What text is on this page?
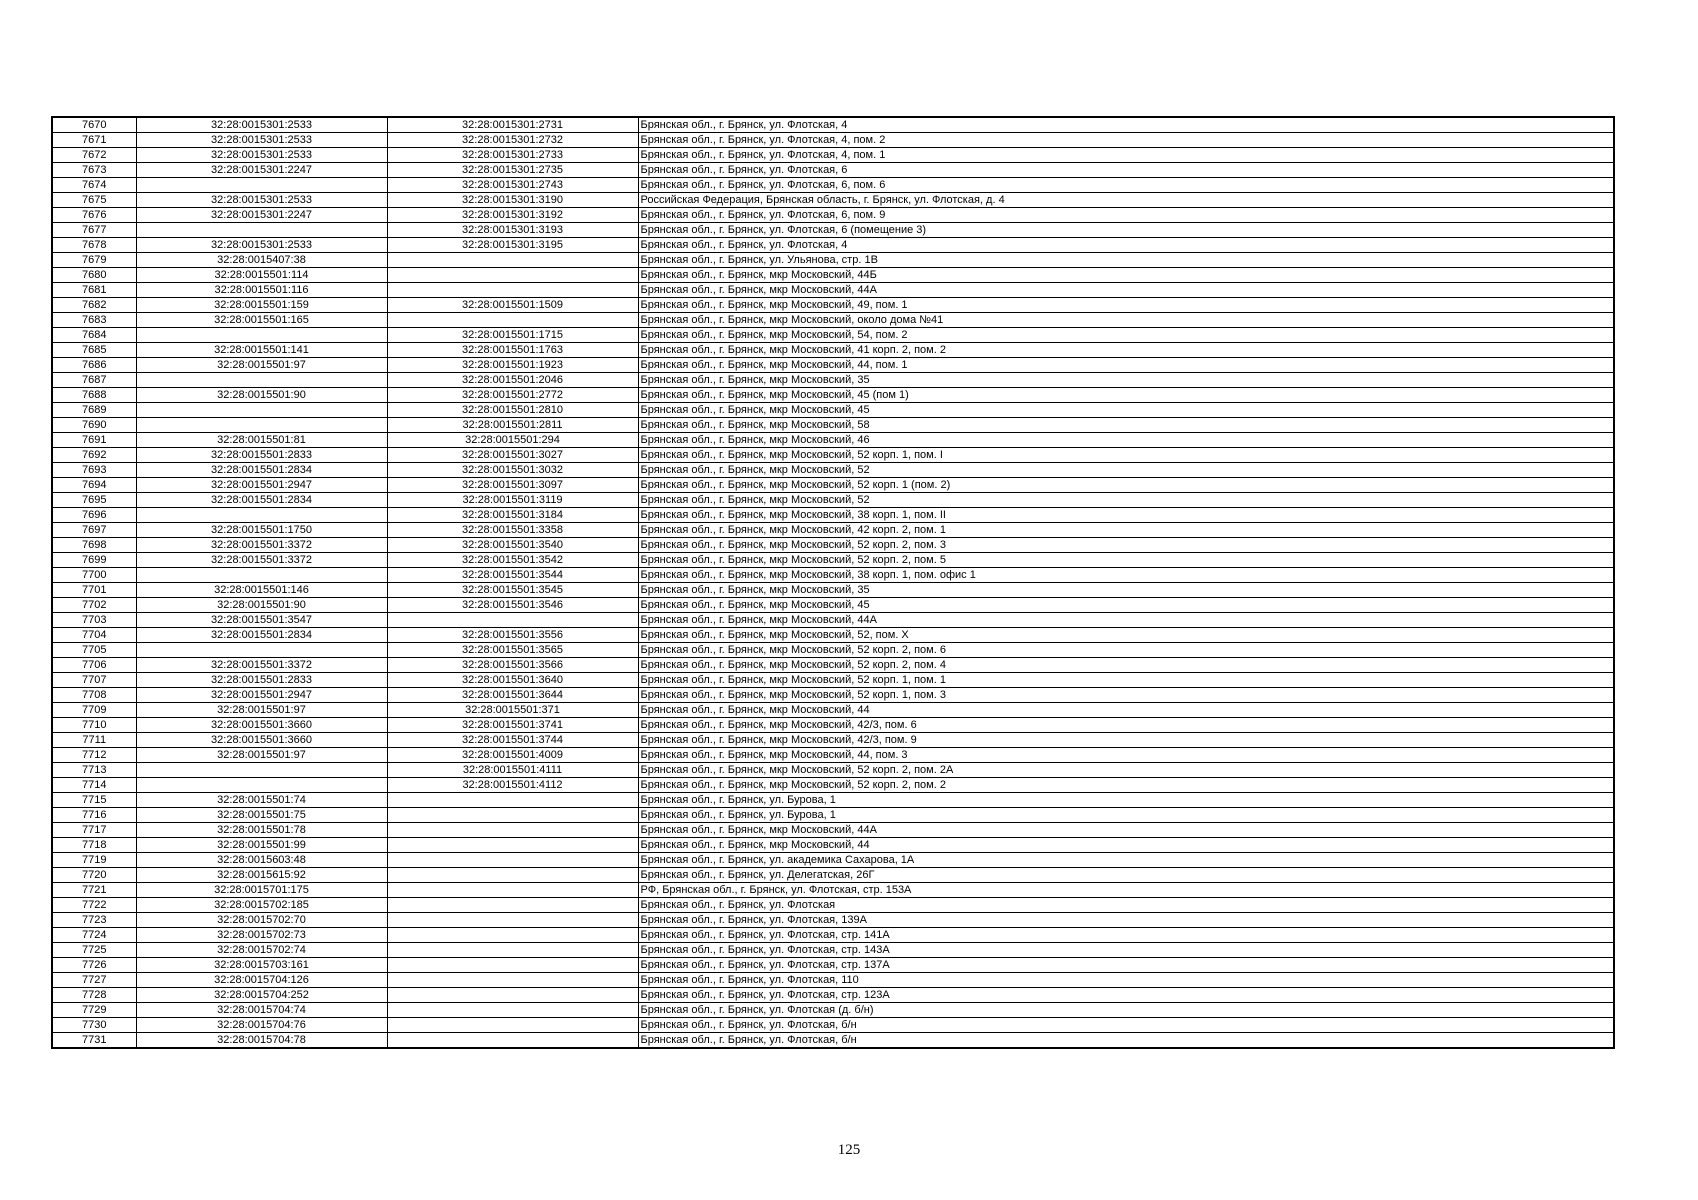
7670	32:28:0015301:2533	32:28:0015301:2731	Брянская обл., г. Брянск, ул. Флотская, 4
7671	32:28:0015301:2533	32:28:0015301:2732	Брянская обл., г. Брянск, ул. Флотская, 4, пом. 2
7672	32:28:0015301:2533	32:28:0015301:2733	Брянская обл., г. Брянск, ул. Флотская, 4, пом. 1
7673	32:28:0015301:2247	32:28:0015301:2735	Брянская обл., г. Брянск, ул. Флотская, 6
7674		32:28:0015301:2743	Брянская обл., г. Брянск, ул. Флотская, 6, пом. 6
7675	32:28:0015301:2533	32:28:0015301:3190	Российская Федерация, Брянская область, г. Брянск, ул. Флотская, д. 4
7676	32:28:0015301:2247	32:28:0015301:3192	Брянская обл., г. Брянск, ул. Флотская, 6, пом. 9
7677		32:28:0015301:3193	Брянская обл., г. Брянск, ул. Флотская, 6 (помещение 3)
7678	32:28:0015301:2533	32:28:0015301:3195	Брянская обл., г. Брянск, ул. Флотская, 4
7679	32:28:0015407:38		Брянская обл., г. Брянск, ул. Ульянова, стр. 1В
7680	32:28:0015501:114		Брянская обл., г. Брянск, мкр Московский, 44Б
7681	32:28:0015501:116		Брянская обл., г. Брянск, мкр Московский, 44А
7682	32:28:0015501:159	32:28:0015501:1509	Брянская обл., г. Брянск, мкр Московский, 49, пом. 1
7683	32:28:0015501:165		Брянская обл., г. Брянск, мкр Московский, около дома №41
7684		32:28:0015501:1715	Брянская обл., г. Брянск, мкр Московский, 54, пом. 2
7685	32:28:0015501:141	32:28:0015501:1763	Брянская обл., г. Брянск, мкр Московский, 41 корп. 2, пом. 2
7686	32:28:0015501:97	32:28:0015501:1923	Брянская обл., г. Брянск, мкр Московский, 44, пом. 1
7687		32:28:0015501:2046	Брянская обл., г. Брянск, мкр Московский, 35
7688	32:28:0015501:90	32:28:0015501:2772	Брянская обл., г. Брянск, мкр Московский, 45 (пом 1)
7689		32:28:0015501:2810	Брянская обл., г. Брянск, мкр Московский, 45
7690		32:28:0015501:2811	Брянская обл., г. Брянск, мкр Московский, 58
7691	32:28:0015501:81	32:28:0015501:294	Брянская обл., г. Брянск, мкр Московский, 46
7692	32:28:0015501:2833	32:28:0015501:3027	Брянская обл., г. Брянск, мкр Московский, 52 корп. 1, пом. I
7693	32:28:0015501:2834	32:28:0015501:3032	Брянская обл., г. Брянск, мкр Московский, 52
7694	32:28:0015501:2947	32:28:0015501:3097	Брянская обл., г. Брянск, мкр Московский, 52 корп. 1 (пом. 2)
7695	32:28:0015501:2834	32:28:0015501:3119	Брянская обл., г. Брянск, мкр Московский, 52
7696		32:28:0015501:3184	Брянская обл., г. Брянск, мкр Московский, 38 корп. 1, пом. II
7697	32:28:0015501:1750	32:28:0015501:3358	Брянская обл., г. Брянск, мкр Московский, 42 корп. 2, пом. 1
7698	32:28:0015501:3372	32:28:0015501:3540	Брянская обл., г. Брянск, мкр Московский, 52 корп. 2, пом. 3
7699	32:28:0015501:3372	32:28:0015501:3542	Брянская обл., г. Брянск, мкр Московский, 52 корп. 2, пом. 5
7700		32:28:0015501:3544	Брянская обл., г. Брянск, мкр Московский, 38 корп. 1, пом. офис 1
7701	32:28:0015501:146	32:28:0015501:3545	Брянская обл., г. Брянск, мкр Московский, 35
7702	32:28:0015501:90	32:28:0015501:3546	Брянская обл., г. Брянск, мкр Московский, 45
7703	32:28:0015501:3547		Брянская обл., г. Брянск, мкр Московский, 44А
7704	32:28:0015501:2834	32:28:0015501:3556	Брянская обл., г. Брянск, мкр Московский, 52, пом. X
7705		32:28:0015501:3565	Брянская обл., г. Брянск, мкр Московский, 52 корп. 2, пом. 6
7706	32:28:0015501:3372	32:28:0015501:3566	Брянская обл., г. Брянск, мкр Московский, 52 корп. 2, пом. 4
7707	32:28:0015501:2833	32:28:0015501:3640	Брянская обл., г. Брянск, мкр Московский, 52 корп. 1, пом. 1
7708	32:28:0015501:2947	32:28:0015501:3644	Брянская обл., г. Брянск, мкр Московский, 52 корп. 1, пом. 3
7709	32:28:0015501:97	32:28:0015501:371	Брянская обл., г. Брянск, мкр Московский, 44
7710	32:28:0015501:3660	32:28:0015501:3741	Брянская обл., г. Брянск, мкр Московский, 42/3, пом. 6
7711	32:28:0015501:3660	32:28:0015501:3744	Брянская обл., г. Брянск, мкр Московский, 42/3, пом. 9
7712	32:28:0015501:97	32:28:0015501:4009	Брянская обл., г. Брянск, мкр Московский, 44, пом. 3
7713		32:28:0015501:4111	Брянская обл., г. Брянск, мкр Московский, 52 корп. 2, пом. 2А
7714		32:28:0015501:4112	Брянская обл., г. Брянск, мкр Московский, 52 корп. 2, пом. 2
7715	32:28:0015501:74		Брянская обл., г. Брянск, ул. Бурова, 1
7716	32:28:0015501:75		Брянская обл., г. Брянск, ул. Бурова, 1
7717	32:28:0015501:78		Брянская обл., г. Брянск, мкр Московский, 44А
7718	32:28:0015501:99		Брянская обл., г. Брянск, мкр Московский, 44
7719	32:28:0015603:48		Брянская обл., г. Брянск, ул. академика Сахарова, 1А
7720	32:28:0015615:92		Брянская обл., г. Брянск, ул. Делегатская, 26Г
7721	32:28:0015701:175		РФ, Брянская обл., г. Брянск, ул. Флотская, стр. 153А
7722	32:28:0015702:185		Брянская обл., г. Брянск, ул. Флотская
7723	32:28:0015702:70		Брянская обл., г. Брянск, ул. Флотская, 139А
7724	32:28:0015702:73		Брянская обл., г. Брянск, ул. Флотская, стр. 141А
7725	32:28:0015702:74		Брянская обл., г. Брянск, ул. Флотская, стр. 143А
7726	32:28:0015703:161		Брянская обл., г. Брянск, ул. Флотская, стр. 137А
7727	32:28:0015704:126		Брянская обл., г. Брянск, ул. Флотская, 110
7728	32:28:0015704:252		Брянская обл., г. Брянск, ул. Флотская, стр. 123А
7729	32:28:0015704:74		Брянская обл., г. Брянск, ул. Флотская (д. б/н)
7730	32:28:0015704:76		Брянская обл., г. Брянск, ул. Флотская, б/н
7731	32:28:0015704:78		Брянская обл., г. Брянск, ул. Флотская, б/н
125
